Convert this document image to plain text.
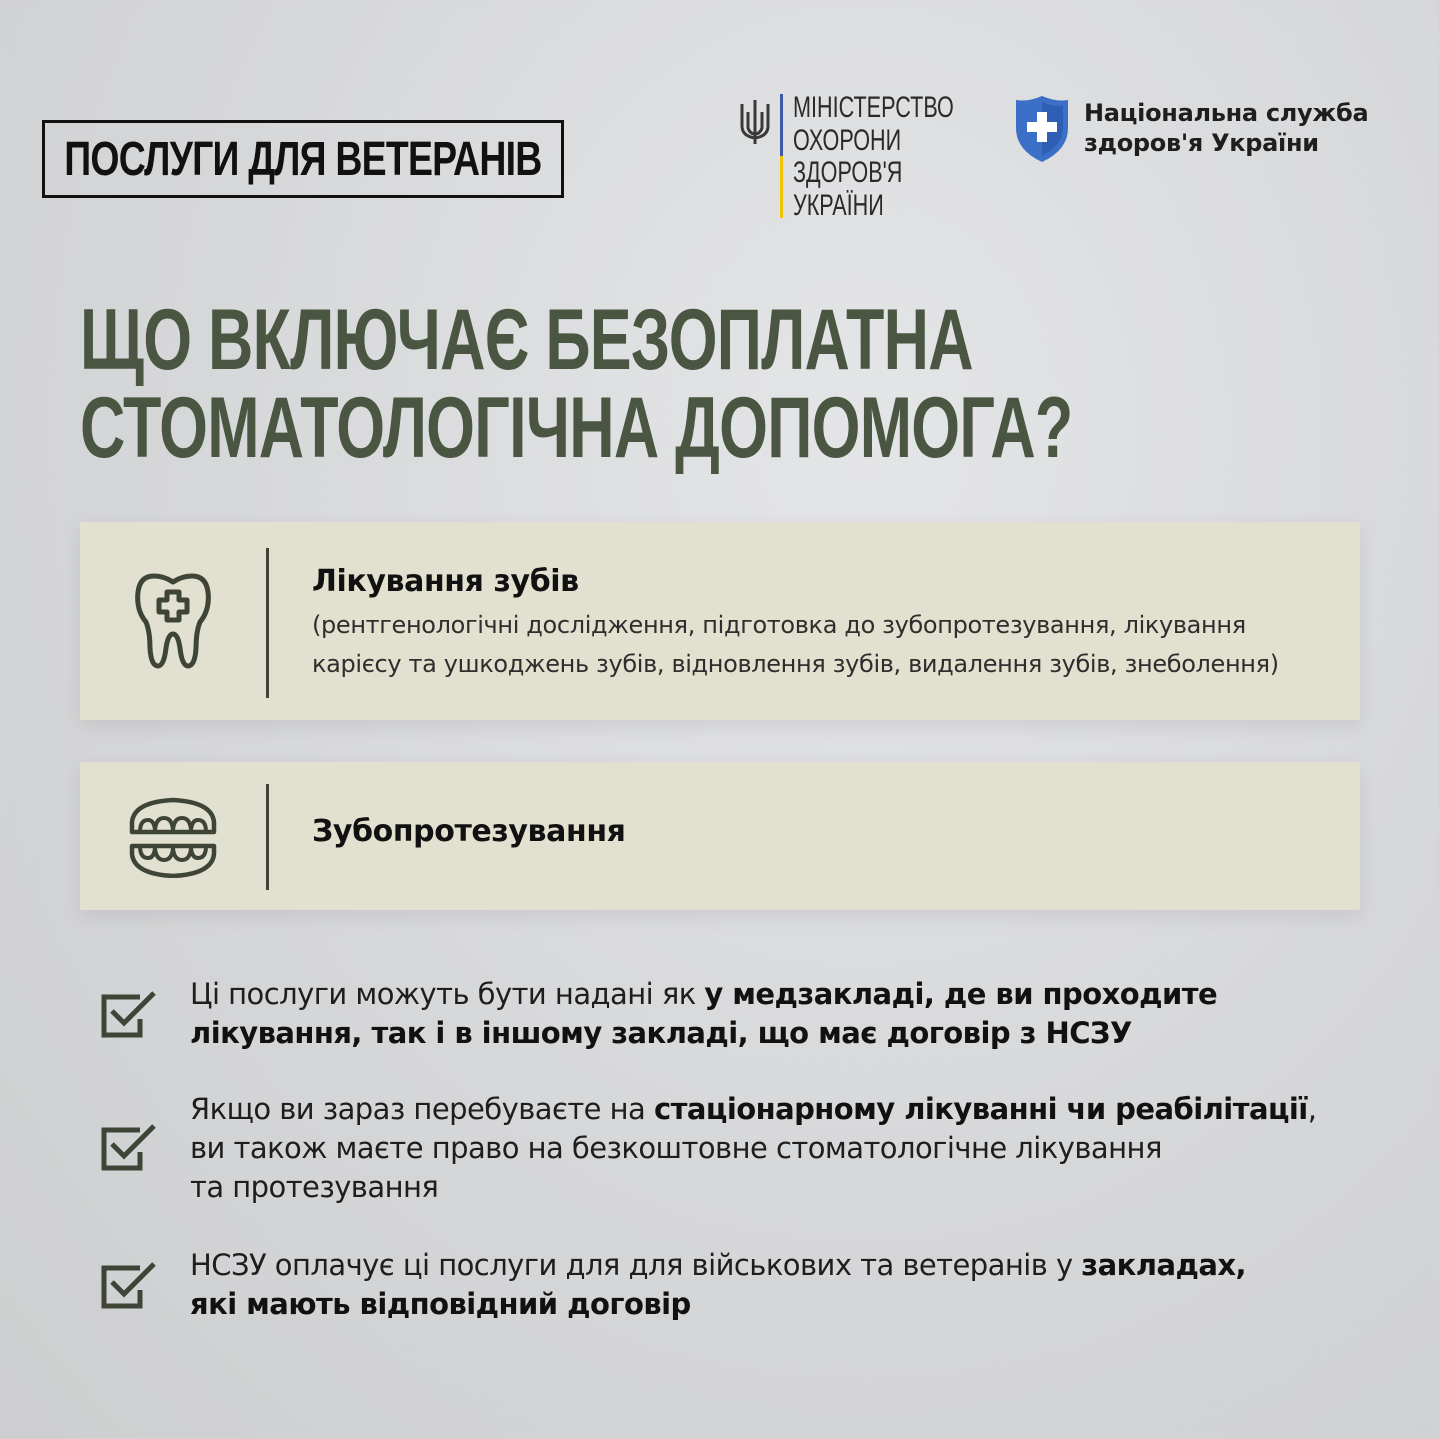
ПОСЛУГИ ДЛЯ ВЕТЕРАНІВ
МІНІСТЕРСТВО
ОХОРОНИ
ЗДОРОВ'Я
УКРАЇНИ
Національна служба
здоров'я України
ЩО ВКЛЮЧАЄ БЕЗОПЛАТНА
СТОМАТОЛОГІЧНА ДОПОМОГА?
Лікування зубів
(рентгенологічні дослідження, підготовка до зубопротезування, лікування
карієсу та ушкоджень зубів, відновлення зубів, видалення зубів, знеболення)
Зубопротезування
Ці послуги можуть бути надані як у медзакладі, де ви проходите
лікування, так і в іншому закладі, що має договір з НСЗУ
Якщо ви зараз перебуваєте на стаціонарному лікуванні чи реабілітації,
ви також маєте право на безкоштовне стоматологічне лікування
та протезування
НСЗУ оплачує ці послуги для для військових та ветеранів у закладах,
які мають відповідний договір
